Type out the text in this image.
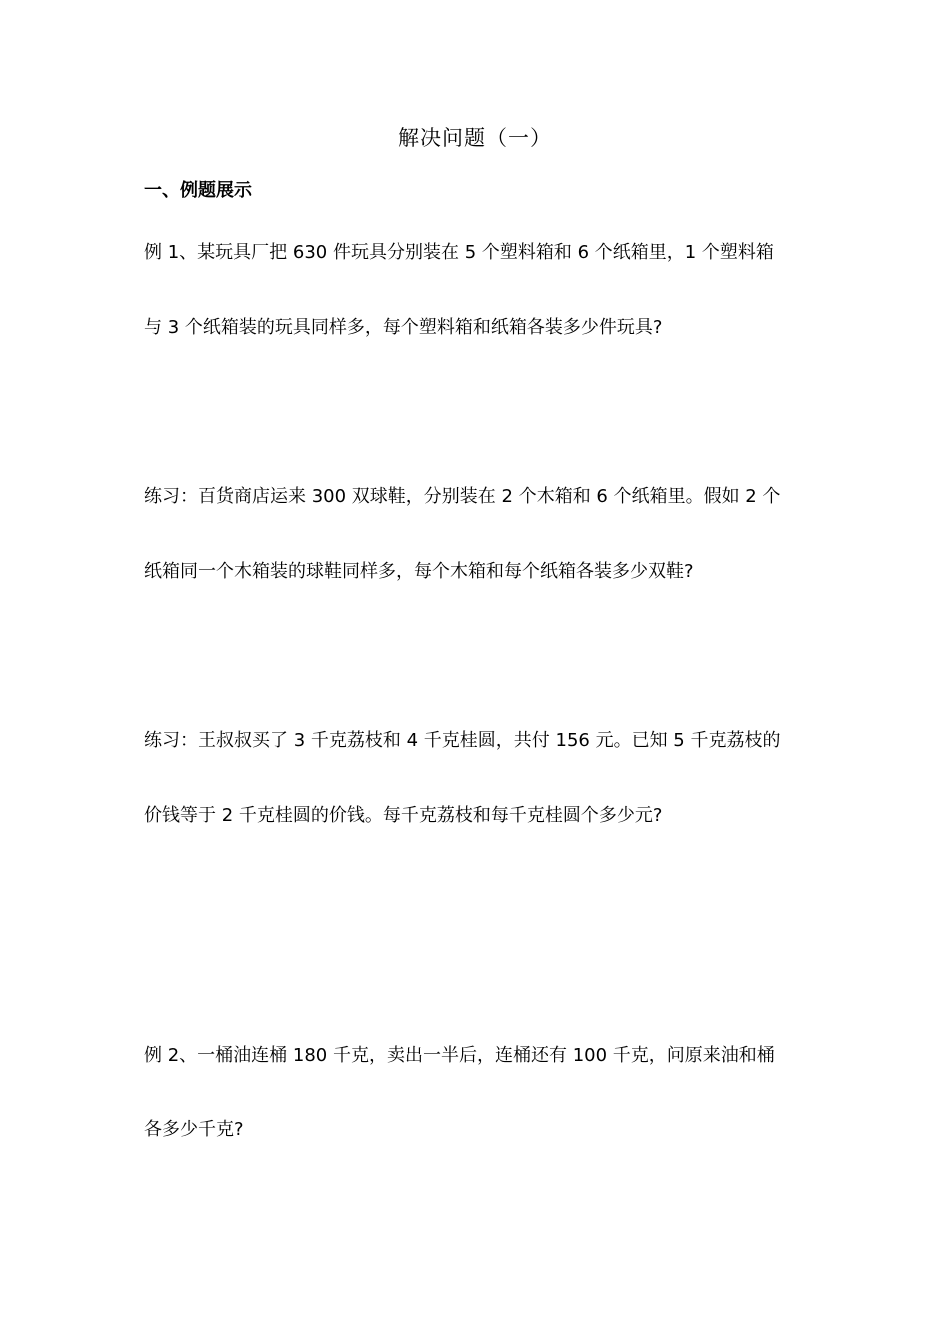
解决问题（一）
一、例题展示
例 1、某玩具厂把 630 件玩具分别装在 5 个塑料箱和 6 个纸箱里，1 个塑料箱
与 3 个纸箱装的玩具同样多，每个塑料箱和纸箱各装多少件玩具?
练习：百货商店运来 300 双球鞋，分别装在 2 个木箱和 6 个纸箱里。假如 2 个
纸箱同一个木箱装的球鞋同样多，每个木箱和每个纸箱各装多少双鞋?
练习：王叔叔买了 3 千克荔枝和 4 千克桂圆，共付 156 元。已知 5 千克荔枝的
价钱等于 2 千克桂圆的价钱。每千克荔枝和每千克桂圆个多少元?
例 2、一桶油连桶 180 千克，卖出一半后，连桶还有 100 千克，问原来油和桶
各多少千克?
